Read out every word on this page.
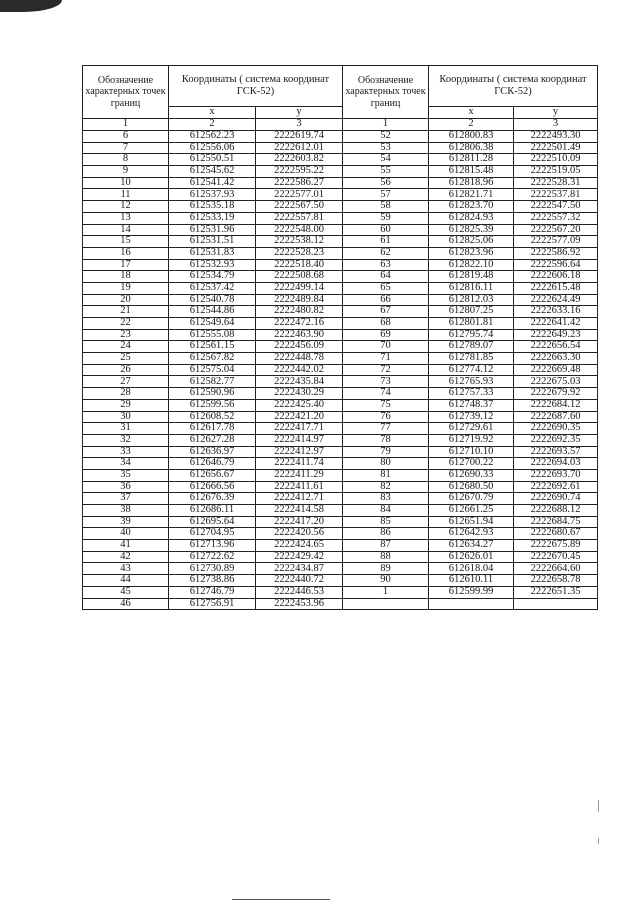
Обозначение характерных точек границ	Координаты ( система координат ГСК-52)		Обозначение характерных точек границ	Координаты ( система координат ГСК-52)	
	x	у		x	у
1	2	3	1	2	3
6	612562.23	2222619.74	52	612800.83	2222493.30
7	612556.06	2222612.01	53	612806.38	2222501.49
8	612550.51	2222603.82	54	612811.28	2222510.09
9	612545.62	2222595.22	55	612815.48	2222519.05
10	612541.42	2222586.27	56	612818.96	2222528.31
11	612537.93	2222577.01	57	612821.71	2222537.81
12	612535.18	2222567.50	58	612823.70	2222547.50
13	612533.19	2222557.81	59	612824.93	2222557.32
14	612531.96	2222548.00	60	612825.39	2222567.20
15	612531.51	2222538.12	61	612825.06	2222577.09
16	612531.83	2222528.23	62	612823.96	2222586.92
17	612532.93	2222518.40	63	612822.10	2222596.64
18	612534.79	2222508.68	64	612819.48	2222606.18
19	612537.42	2222499.14	65	612816.11	2222615.48
20	612540.78	2222489.84	66	612812.03	2222624.49
21	612544.86	2222480.82	67	612807.25	2222633.16
22	612549.64	2222472.16	68	612801.81	2222641.42
23	612555.08	2222463.90	69	612795.74	2222649.23
24	612561.15	2222456.09	70	612789.07	2222656.54
25	612567.82	2222448.78	71	612781.85	2222663.30
26	612575.04	2222442.02	72	612774.12	2222669.48
27	612582.77	2222435.84	73	612765.93	2222675.03
28	612590.96	2222430.29	74	612757.33	2222679.92
29	612599.56	2222425.40	75	612748.37	2222684.12
30	612608.52	2222421.20	76	612739.12	2222687.60
31	612617.78	2222417.71	77	612729.61	2222690.35
32	612627.28	2222414.97	78	612719.92	2222692.35
33	612636.97	2222412.97	79	612710.10	2222693.57
34	612646.79	2222411.74	80	612700.22	2222694.03
35	612656.67	2222411.29	81	612690.33	2222693.70
36	612666.56	2222411.61	82	612680.50	2222692.61
37	612676.39	2222412.71	83	612670.79	2222690.74
38	612686.11	2222414.58	84	612661.25	2222688.12
39	612695.64	2222417.20	85	612651.94	2222684.75
40	612704.95	2222420.56	86	612642.93	2222680.67
41	612713.96	2222424.65	87	612634.27	2222675.89
42	612722.62	2222429.42	88	612626.01	2222670.45
43	612730.89	2222434.87	89	612618.04	2222664.60
44	612738.86	2222440.72	90	612610.11	2222658.78
45	612746.79	2222446.53	1	612599.99	2222651.35
46	612756.91	2222453.96			
